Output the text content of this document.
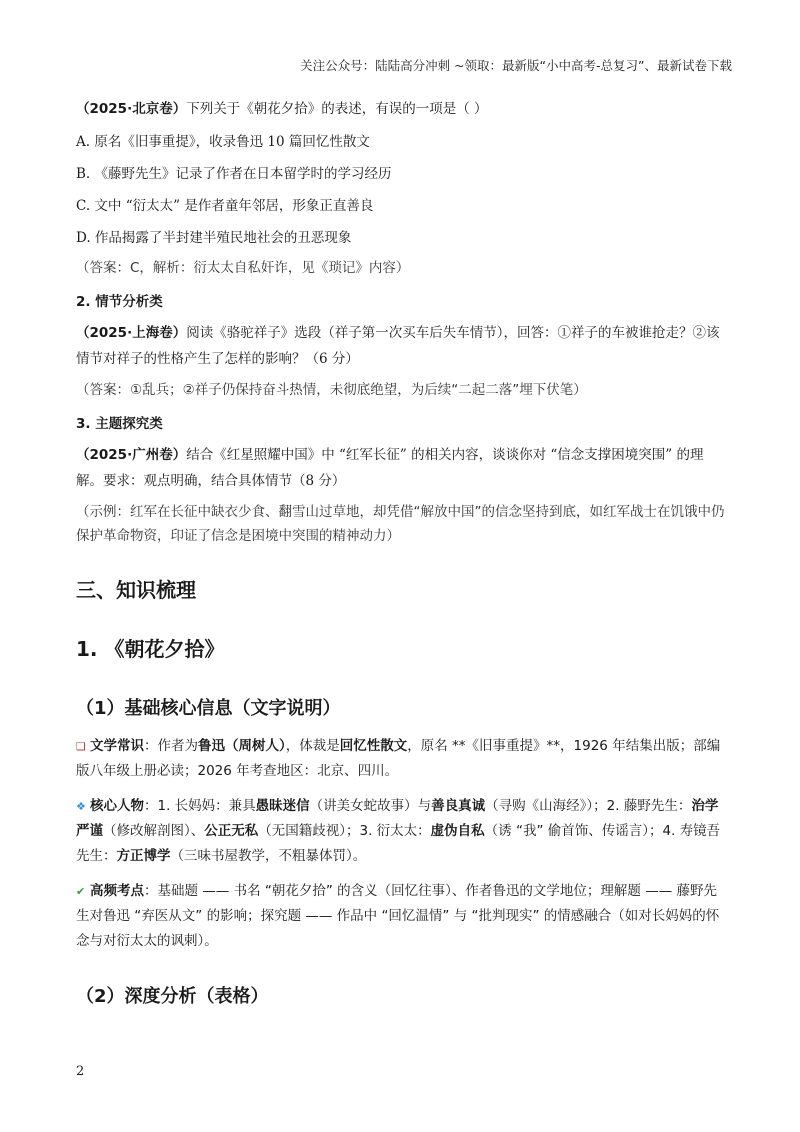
关注公众号：陆陆高分冲刺 ~领取：最新版“小中高考-总复习”、最新试卷下载

（2025·北京卷）下列关于《朝花夕拾》的表述，有误的一项是（ ）

A. 原名《旧事重提》，收录鲁迅 10 篇回忆性散文

B. 《藤野先生》记录了作者在日本留学时的学习经历

C. 文中 “衍太太” 是作者童年邻居，形象正直善良

D. 作品揭露了半封建半殖民地社会的丑恶现象

（答案：C，解析：衍太太自私奸诈，见《琐记》内容）

2. 情节分析类

（2025·上海卷）阅读《骆驼祥子》选段（祥子第一次买车后失车情节），回答：①祥子的车被谁抢走？②该情节对祥子的性格产生了怎样的影响？（6 分）

（答案：①乱兵；②祥子仍保持奋斗热情，未彻底绝望，为后续“二起二落”埋下伏笔）

3. 主题探究类

（2025·广州卷）结合《红星照耀中国》中 “红军长征” 的相关内容，谈谈你对 “信念支撑困境突围” 的理解。要求：观点明确，结合具体情节（8 分）

（示例：红军在长征中缺衣少食、翻雪山过草地，却凭借“解放中国”的信念坚持到底，如红军战士在饥饿中仍保护革命物资，印证了信念是困境中突围的精神动力）

三、知识梳理

1. 《朝花夕拾》

（1）基础核心信息（文字说明）

❑ 文学常识：作者为鲁迅（周树人），体裁是回忆性散文，原名 **《旧事重提》**，1926 年结集出版；部编版八年级上册必读；2026 年考查地区：北京、四川。

❖ 核心人物：1. 长妈妈：兼具愚昧迷信（讲美女蛇故事）与善良真诚（寻购《山海经》）；2. 藤野先生：治学严谨（修改解剖图）、公正无私（无国籍歧视）；3. 衍太太：虚伪自私（诱 “我” 偷首饰、传谣言）；4. 寿镜吾先生：方正博学（三味书屋教学，不粗暴体罚）。

✔ 高频考点：基础题 —— 书名 “朝花夕拾” 的含义（回忆往事）、作者鲁迅的文学地位；理解题 —— 藤野先生对鲁迅 “弃医从文” 的影响；探究题 —— 作品中 “回忆温情” 与 “批判现实” 的情感融合（如对长妈妈的怀念与对衍太太的讽刺）。

（2）深度分析（表格）

2
